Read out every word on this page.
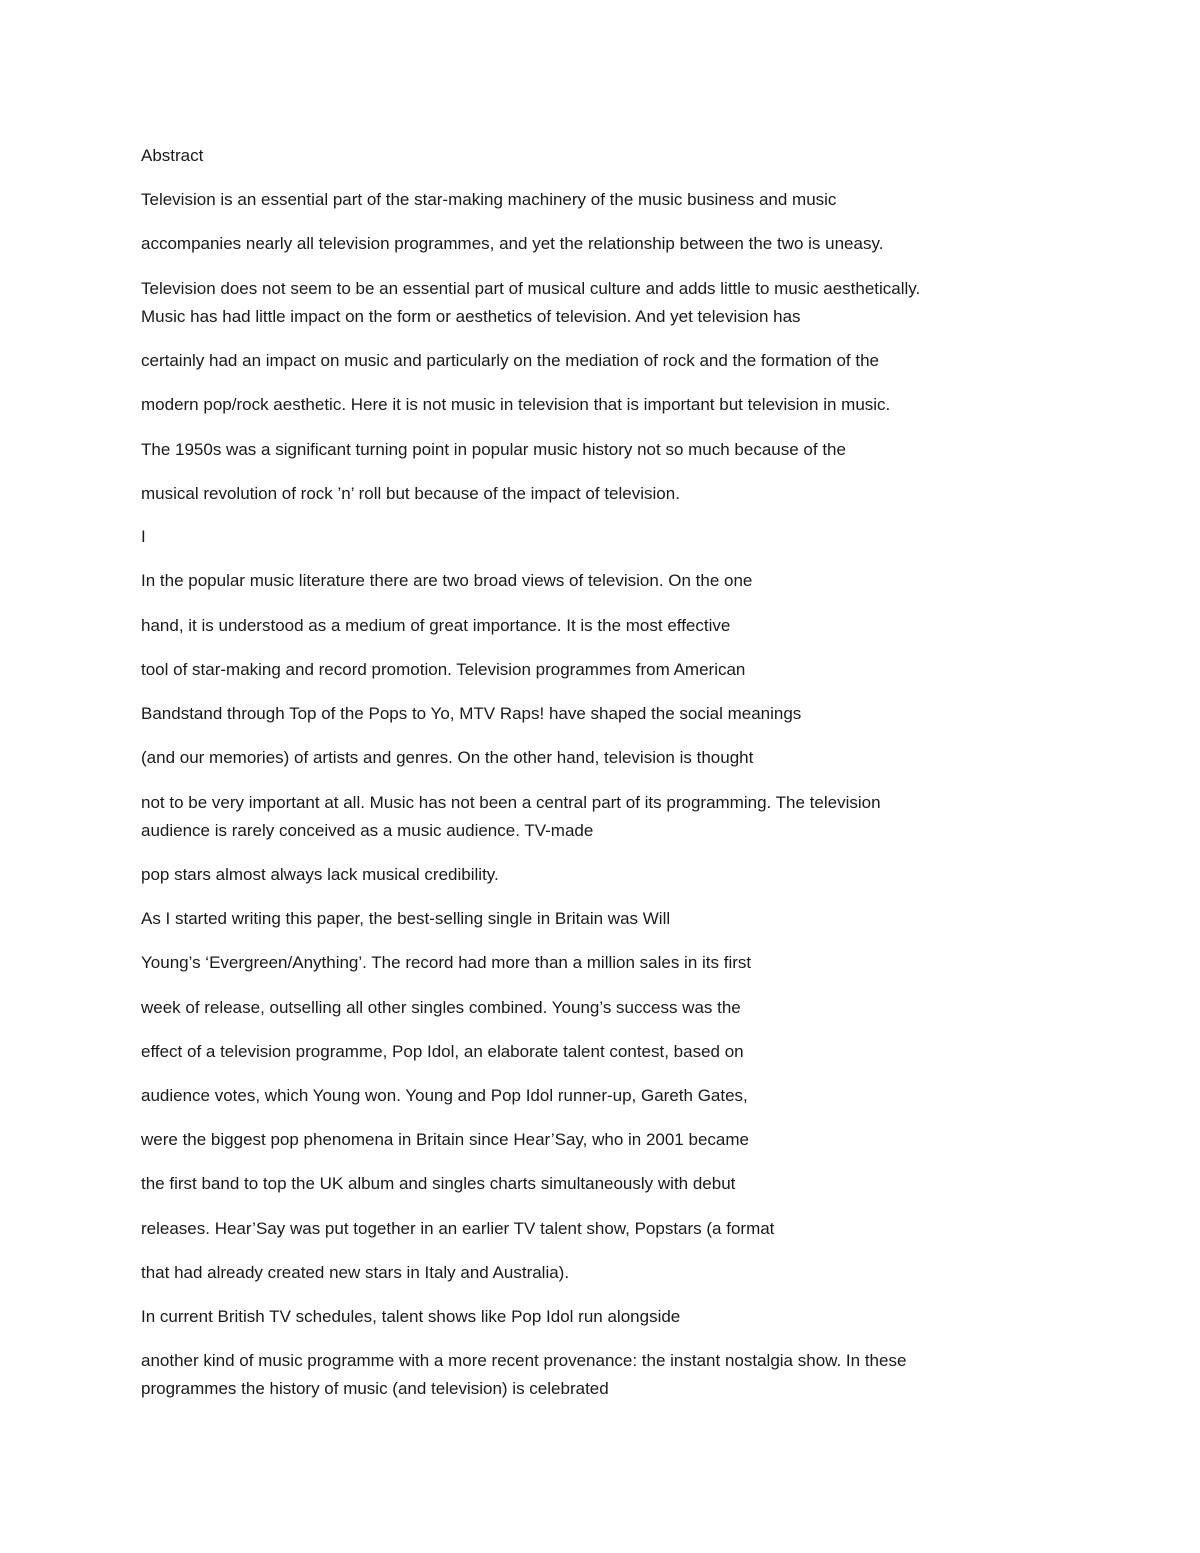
Abstract

Television is an essential part of the star-making machinery of the music business and music

accompanies nearly all television programmes, and yet the relationship between the two is uneasy.

Television does not seem to be an essential part of musical culture and adds little to music aesthetically.

Music has had little impact on the form or aesthetics of television. And yet television has

certainly had an impact on music and particularly on the mediation of rock and the formation of the

modern pop/rock aesthetic. Here it is not music in television that is important but television in music.

The 1950s was a significant turning point in popular music history not so much because of the

musical revolution of rock ’n’ roll but because of the impact of television.

I

In the popular music literature there are two broad views of television. On the one

hand, it is understood as a medium of great importance. It is the most effective

tool of star-making and record promotion. Television programmes from American

Bandstand through Top of the Pops to Yo, MTV Raps! have shaped the social meanings

(and our memories) of artists and genres. On the other hand, television is thought

not to be very important at all. Music has not been a central part of its programming. The television

audience is rarely conceived as a music audience. TV-made

pop stars almost always lack musical credibility.

As I started writing this paper, the best-selling single in Britain was Will

Young’s ‘Evergreen/Anything’. The record had more than a million sales in its first

week of release, outselling all other singles combined. Young’s success was the

effect of a television programme, Pop Idol, an elaborate talent contest, based on

audience votes, which Young won. Young and Pop Idol runner-up, Gareth Gates,

were the biggest pop phenomena in Britain since Hear’Say, who in 2001 became

the first band to top the UK album and singles charts simultaneously with debut

releases. Hear’Say was put together in an earlier TV talent show, Popstars (a format

that had already created new stars in Italy and Australia).

In current British TV schedules, talent shows like Pop Idol run alongside

another kind of music programme with a more recent provenance: the instant nostalgia show. In these

programmes the history of music (and television) is celebrated
